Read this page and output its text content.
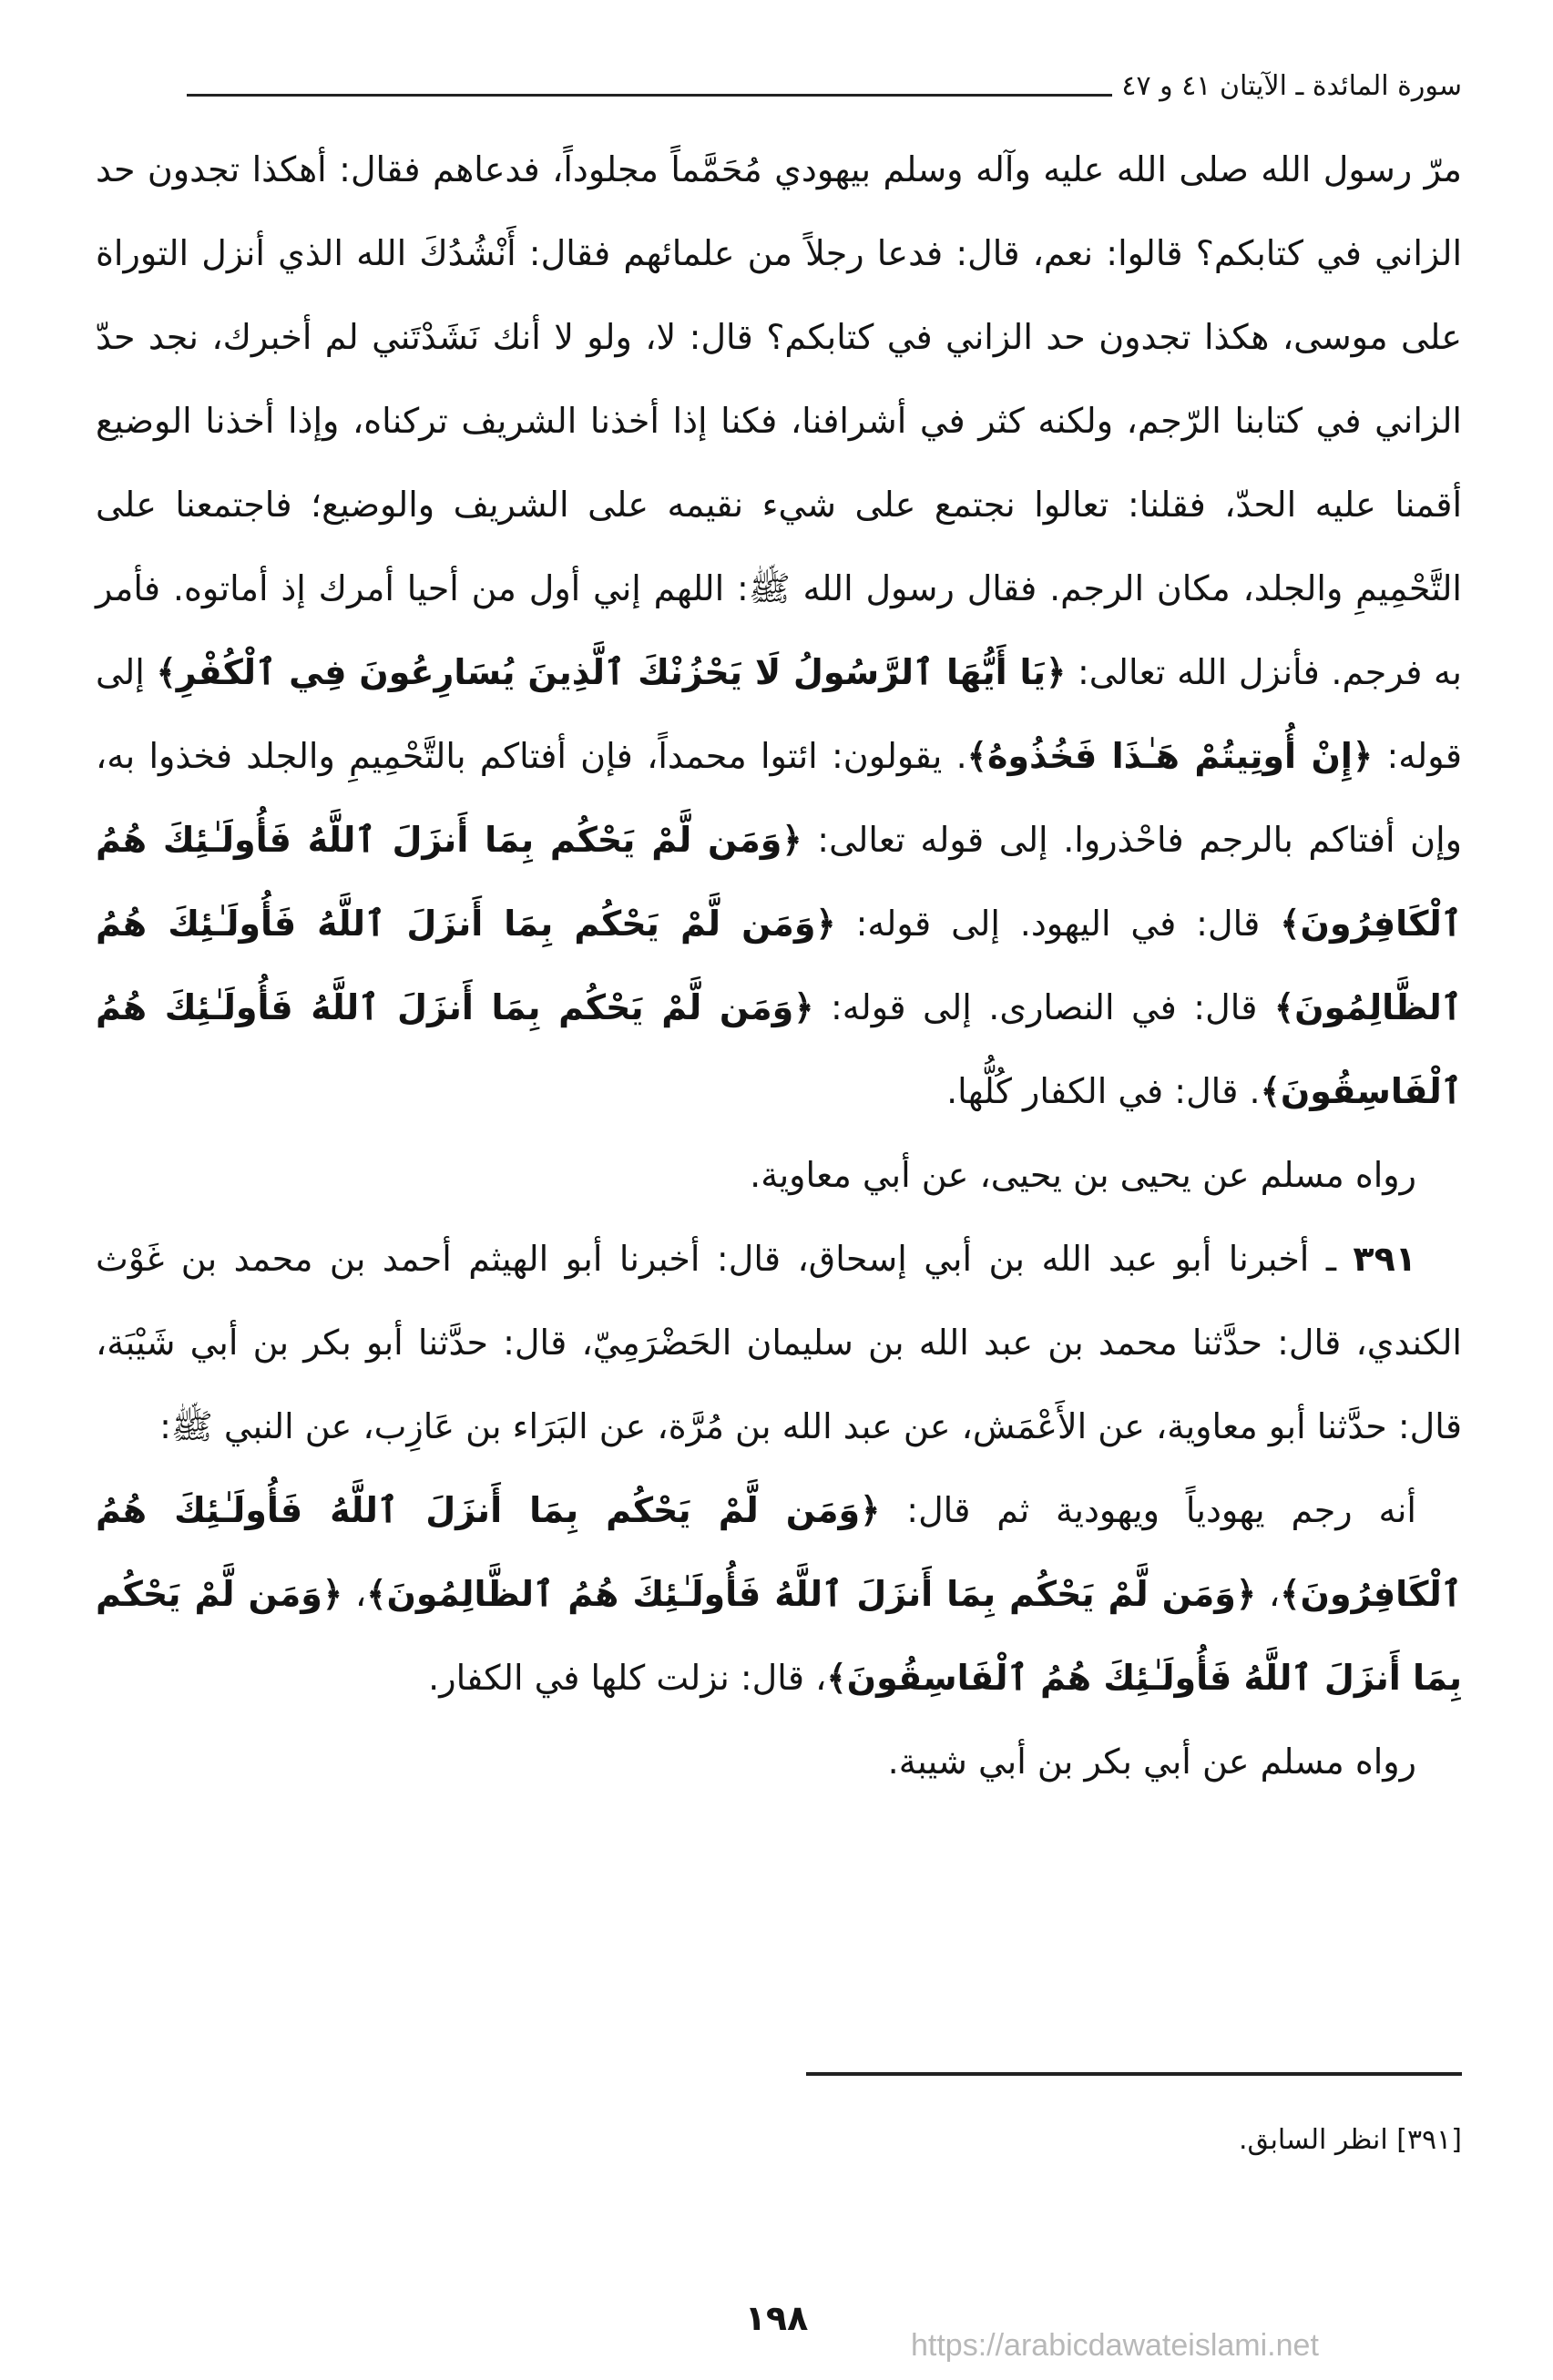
سورة المائدة ـ الآيتان ٤١ و ٤٧

مرّ رسول الله صلى الله عليه وآله وسلم بيهودي مُحَمَّماً مجلوداً، فدعاهم فقال: أهكذا تجدون حد الزاني في كتابكم؟ قالوا: نعم، قال: فدعا رجلاً من علمائهم فقال: أَنْشُدُكَ الله الذي أنزل التوراة على موسى، هكذا تجدون حد الزاني في كتابكم؟ قال: لا، ولو لا أنك نَشَدْتَني لم أخبرك، نجد حدّ الزاني في كتابنا الرّجم، ولكنه كثر في أشرافنا، فكنا إذا أخذنا الشريف تركناه، وإذا أخذنا الوضيع أقمنا عليه الحدّ، فقلنا: تعالوا نجتمع على شيء نقيمه على الشريف والوضيع؛ فاجتمعنا على التَّحْمِيمِ والجلد، مكان الرجم. فقال رسول الله ﷺ: اللهم إني أول من أحيا أمرك إذ أماتوه. فأمر به فرجم. فأنزل الله تعالى: ﴿يَا أَيُّهَا ٱلرَّسُولُ لَا يَحْزُنْكَ ٱلَّذِينَ يُسَارِعُونَ فِي ٱلْكُفْرِ﴾ إلى قوله: ﴿إِنْ أُوتِيتُمْ هَـٰذَا فَخُذُوهُ﴾. يقولون: ائتوا محمداً، فإن أفتاكم بالتَّحْمِيمِ والجلد فخذوا به، وإن أفتاكم بالرجم فاحْذروا. إلى قوله تعالى: ﴿وَمَن لَّمْ يَحْكُم بِمَا أَنزَلَ ٱللَّهُ فَأُولَـٰئِكَ هُمُ ٱلْكَافِرُونَ﴾ قال: في اليهود. إلى قوله: ﴿وَمَن لَّمْ يَحْكُم بِمَا أَنزَلَ ٱللَّهُ فَأُولَـٰئِكَ هُمُ ٱلظَّالِمُونَ﴾ قال: في النصارى. إلى قوله: ﴿وَمَن لَّمْ يَحْكُم بِمَا أَنزَلَ ٱللَّهُ فَأُولَـٰئِكَ هُمُ ٱلْفَاسِقُونَ﴾. قال: في الكفار كُلُّها.

رواه مسلم عن يحيى بن يحيى، عن أبي معاوية.

٣٩١ ـ أخبرنا أبو عبد الله بن أبي إسحاق، قال: أخبرنا أبو الهيثم أحمد بن محمد بن غَوْث الكندي، قال: حدَّثنا محمد بن عبد الله بن سليمان الحَضْرَمِيّ، قال: حدَّثنا أبو بكر بن أبي شَيْبَة، قال: حدَّثنا أبو معاوية، عن الأَعْمَش، عن عبد الله بن مُرَّة، عن البَرَاء بن عَازِب، عن النبي ﷺ:

أنه رجم يهودياً ويهودية ثم قال: ﴿وَمَن لَّمْ يَحْكُم بِمَا أَنزَلَ ٱللَّهُ فَأُولَـٰئِكَ هُمُ ٱلْكَافِرُونَ﴾، ﴿وَمَن لَّمْ يَحْكُم بِمَا أَنزَلَ ٱللَّهُ فَأُولَـٰئِكَ هُمُ ٱلظَّالِمُونَ﴾، ﴿وَمَن لَّمْ يَحْكُم بِمَا أَنزَلَ ٱللَّهُ فَأُولَـٰئِكَ هُمُ ٱلْفَاسِقُونَ﴾، قال: نزلت كلها في الكفار.

رواه مسلم عن أبي بكر بن أبي شيبة.

[٣٩١] انظر السابق.
١٩٨
https://arabicdawateislami.net
